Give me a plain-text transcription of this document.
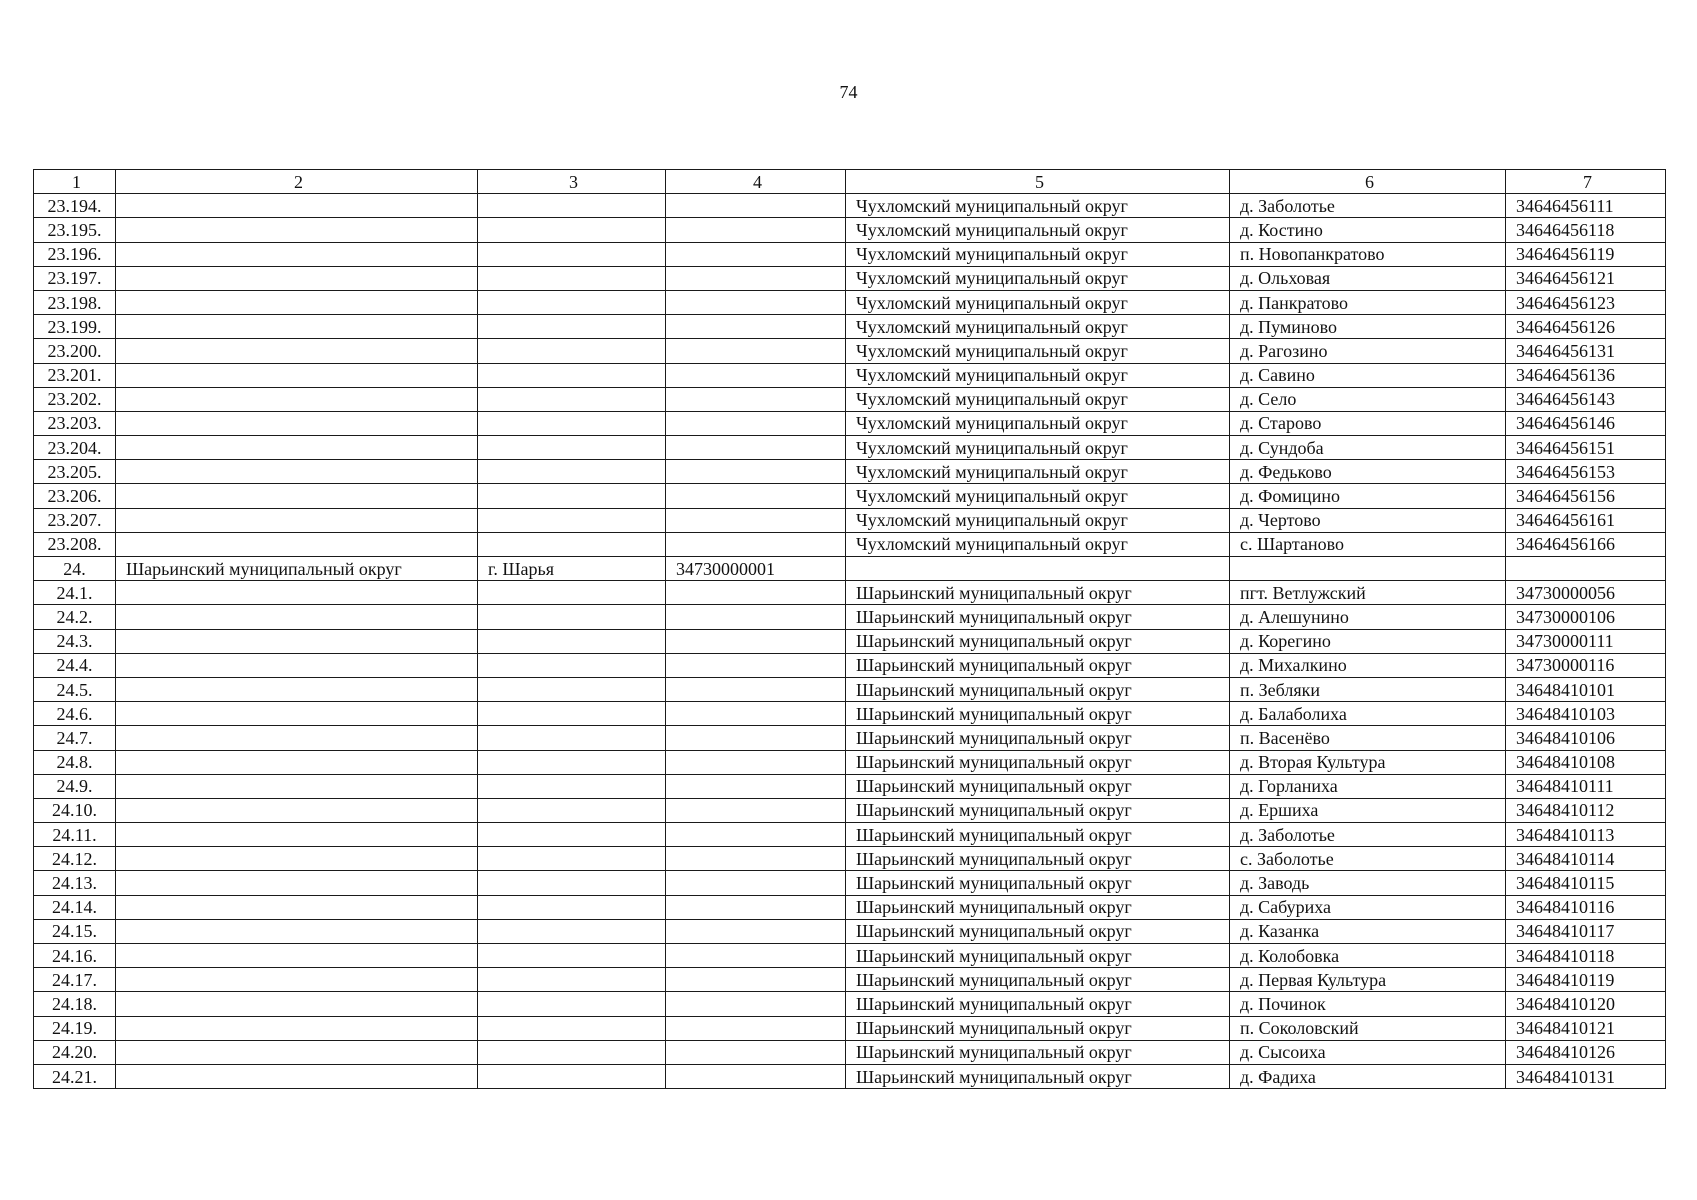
74
1	2	3	4	5	6	7
23.194.				Чухломский муниципальный округ	д. Заболотье	34646456111
23.195.				Чухломский муниципальный округ	д. Костино	34646456118
23.196.				Чухломский муниципальный округ	п. Новопанкратово	34646456119
23.197.				Чухломский муниципальный округ	д. Ольховая	34646456121
23.198.				Чухломский муниципальный округ	д. Панкратово	34646456123
23.199.				Чухломский муниципальный округ	д. Пуминово	34646456126
23.200.				Чухломский муниципальный округ	д. Рагозино	34646456131
23.201.				Чухломский муниципальный округ	д. Савино	34646456136
23.202.				Чухломский муниципальный округ	д. Село	34646456143
23.203.				Чухломский муниципальный округ	д. Старово	34646456146
23.204.				Чухломский муниципальный округ	д. Сундоба	34646456151
23.205.				Чухломский муниципальный округ	д. Федьково	34646456153
23.206.				Чухломский муниципальный округ	д. Фомицино	34646456156
23.207.				Чухломский муниципальный округ	д. Чертово	34646456161
23.208.				Чухломский муниципальный округ	с. Шартаново	34646456166
24.	Шарьинский муниципальный округ	г. Шарья	34730000001			
24.1.				Шарьинский муниципальный округ	пгт. Ветлужский	34730000056
24.2.				Шарьинский муниципальный округ	д. Алешунино	34730000106
24.3.				Шарьинский муниципальный округ	д. Корегино	34730000111
24.4.				Шарьинский муниципальный округ	д. Михалкино	34730000116
24.5.				Шарьинский муниципальный округ	п. Зебляки	34648410101
24.6.				Шарьинский муниципальный округ	д. Балаболиха	34648410103
24.7.				Шарьинский муниципальный округ	п. Васенёво	34648410106
24.8.				Шарьинский муниципальный округ	д. Вторая Культура	34648410108
24.9.				Шарьинский муниципальный округ	д. Горланиха	34648410111
24.10.				Шарьинский муниципальный округ	д. Ершиха	34648410112
24.11.				Шарьинский муниципальный округ	д. Заболотье	34648410113
24.12.				Шарьинский муниципальный округ	с. Заболотье	34648410114
24.13.				Шарьинский муниципальный округ	д. Заводь	34648410115
24.14.				Шарьинский муниципальный округ	д. Сабуриха	34648410116
24.15.				Шарьинский муниципальный округ	д. Казанка	34648410117
24.16.				Шарьинский муниципальный округ	д. Колобовка	34648410118
24.17.				Шарьинский муниципальный округ	д. Первая Культура	34648410119
24.18.				Шарьинский муниципальный округ	д. Починок	34648410120
24.19.				Шарьинский муниципальный округ	п. Соколовский	34648410121
24.20.				Шарьинский муниципальный округ	д. Сысоиха	34648410126
24.21.				Шарьинский муниципальный округ	д. Фадиха	34648410131
